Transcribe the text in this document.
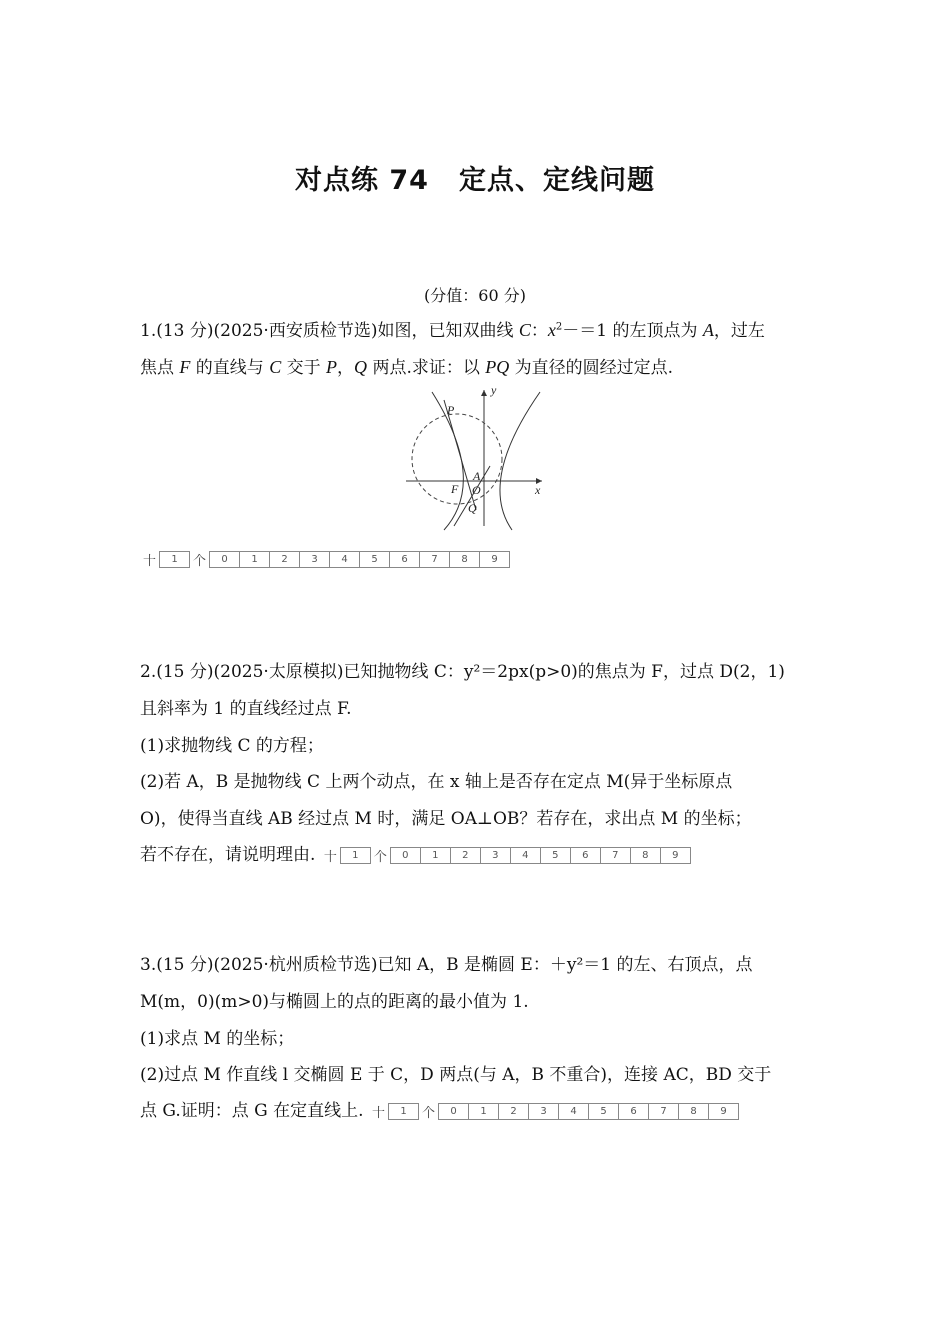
对点练 74 定点、定线问题
(分值：60 分)
1.(13 分)(2025·西安质检节选)如图，已知双曲线 C：$x^2-=1$ 的左顶点为 A，过左
焦点 F 的直线与 C 交于 P，Q 两点.求证：以 PQ 为直径的圆经过定点.
y
x
P
A
F O
Q
十	1	个	0	1	2	3	4	5	6	7	8	9
2.(15 分)(2025·太原模拟)已知抛物线 C：y²＝2px(p>0)的焦点为 F，过点 D(2，1)
且斜率为 1 的直线经过点 F.
(1)求抛物线 C 的方程；
(2)若 A，B 是抛物线 C 上两个动点，在 x 轴上是否存在定点 M(异于坐标原点
O)，使得当直线 AB 经过点 M 时，满足 OA⊥OB？若存在，求出点 M 的坐标；
若不存在，请说明理由. 十	1	个	0	1	2	3	4	5	6	7	8	9
3.(15 分)(2025·杭州质检节选)已知 A，B 是椭圆 E：＋y²＝1 的左、右顶点，点
M(m，0)(m>0)与椭圆上的点的距离的最小值为 1.
(1)求点 M 的坐标；
(2)过点 M 作直线 l 交椭圆 E 于 C，D 两点(与 A，B 不重合)，连接 AC，BD 交于
点 G.证明：点 G 在定直线上. 十	1	个	0	1	2	3	4	5	6	7	8	9
